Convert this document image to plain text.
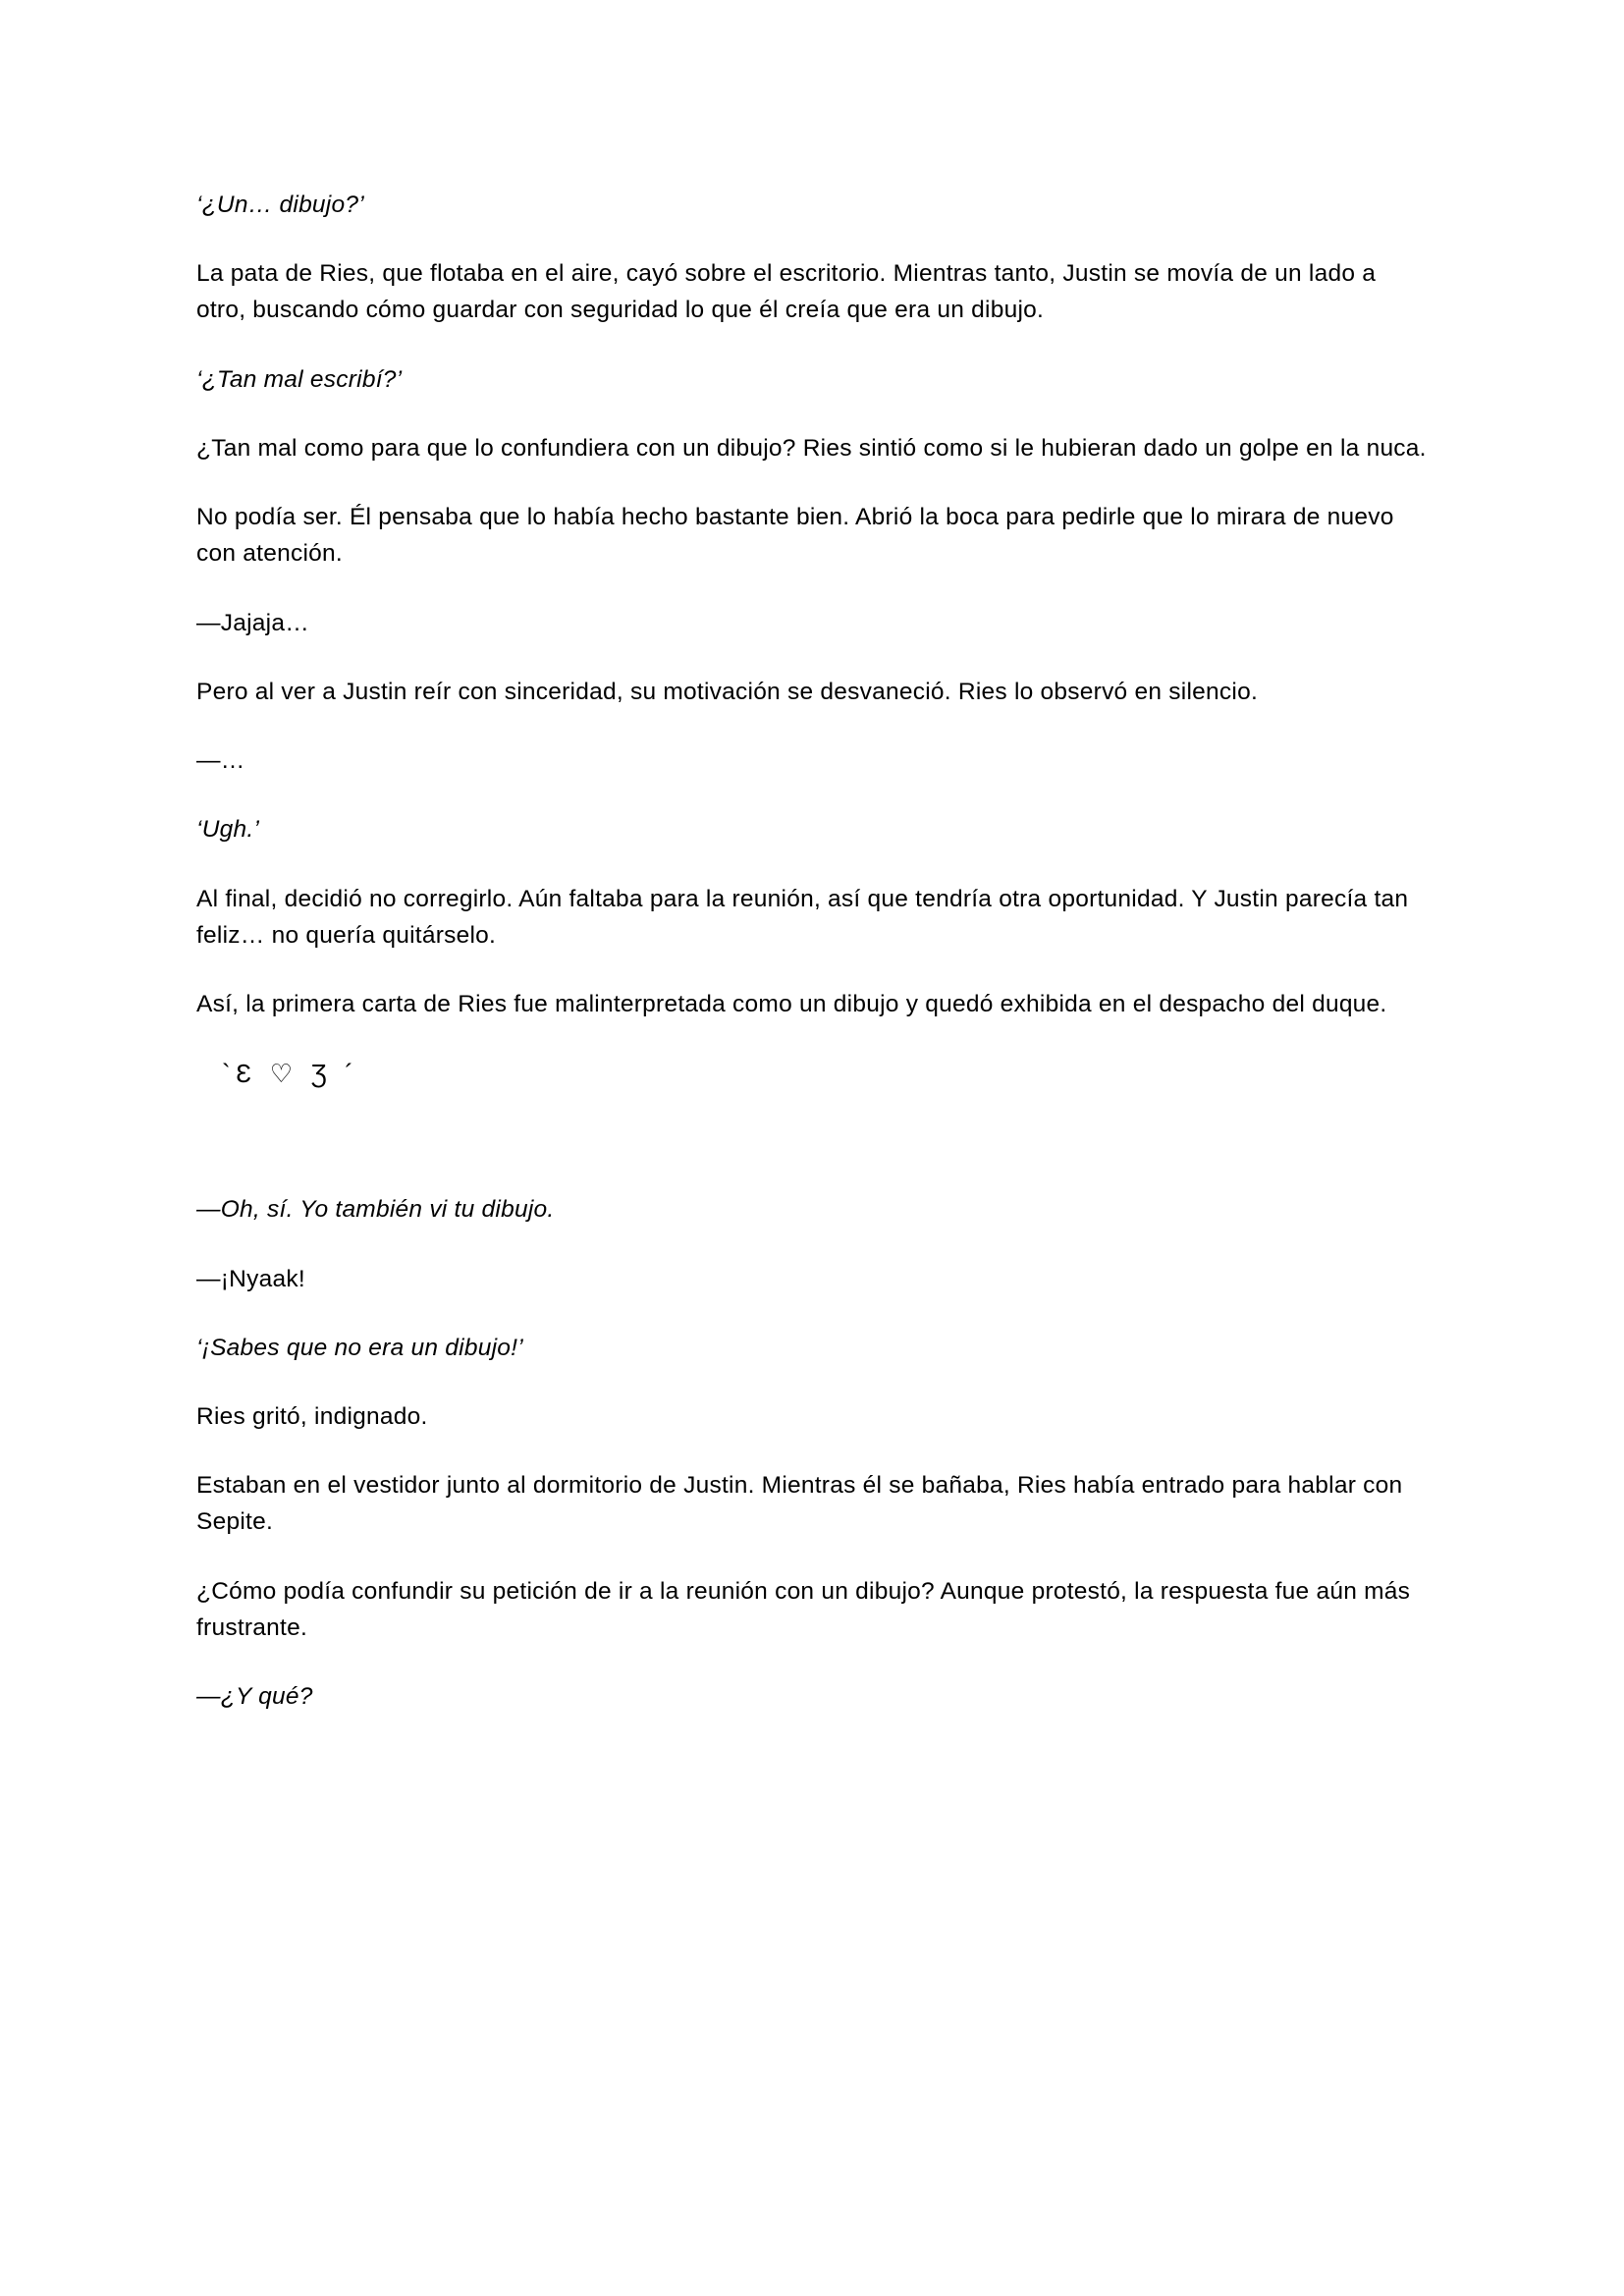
‘¿Un… dibujo?’

La pata de Ries, que flotaba en el aire, cayó sobre el escritorio. Mientras tanto, Justin se movía de un lado a otro, buscando cómo guardar con seguridad lo que él creía que era un dibujo.

‘¿Tan mal escribí?’

¿Tan mal como para que lo confundiera con un dibujo? Ries sintió como si le hubieran dado un golpe en la nuca.

No podía ser. Él pensaba que lo había hecho bastante bien. Abrió la boca para pedirle que lo mirara de nuevo con atención.

—Jajaja…

Pero al ver a Justin reír con sinceridad, su motivación se desvaneció. Ries lo observó en silencio.

—…

‘Ugh.’

Al final, decidió no corregirlo. Aún faltaba para la reunión, así que tendría otra oportunidad. Y Justin parecía tan feliz… no quería quitárselo.

Así, la primera carta de Ries fue malinterpretada como un dibujo y quedó exhibida en el despacho del duque.

`Ɛ ♡ Ʒ ´

—Oh, sí. Yo también vi tu dibujo.

—¡Nyaak!

‘¡Sabes que no era un dibujo!’

Ries gritó, indignado.

Estaban en el vestidor junto al dormitorio de Justin. Mientras él se bañaba, Ries había entrado para hablar con Sepite.

¿Cómo podía confundir su petición de ir a la reunión con un dibujo? Aunque protestó, la respuesta fue aún más frustrante.

—¿Y qué?
